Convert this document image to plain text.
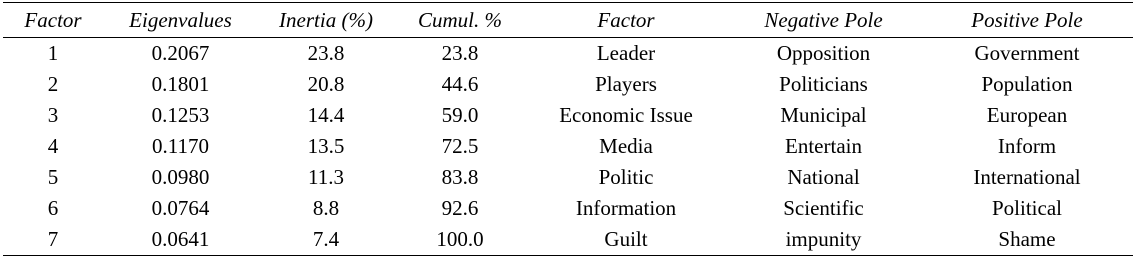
Factor	Eigenvalues	Inertia (%)	Cumul. %	Factor	Negative Pole	Positive Pole
1	0.2067	23.8	23.8	Leader	Opposition	Government
2	0.1801	20.8	44.6	Players	Politicians	Population
3	0.1253	14.4	59.0	Economic Issue	Municipal	European
4	0.1170	13.5	72.5	Media	Entertain	Inform
5	0.0980	11.3	83.8	Politic	National	International
6	0.0764	8.8	92.6	Information	Scientific	Political
7	0.0641	7.4	100.0	Guilt	impunity	Shame
